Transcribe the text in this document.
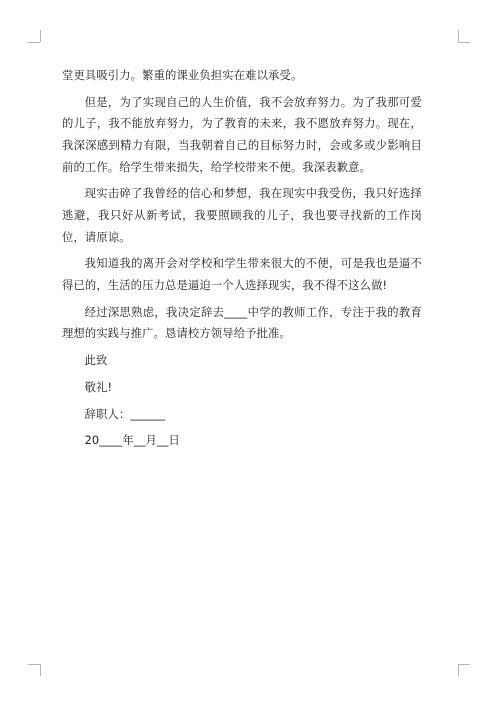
堂更具吸引力。繁重的课业负担实在难以承受。

但是，为了实现自己的人生价值，我不会放弃努力。为了我那可爱的儿子，我不能放弃努力，为了教育的未来，我不愿放弃努力。现在，我深深感到精力有限，当我朝着自己的目标努力时，会或多或少影响目前的工作。给学生带来损失，给学校带来不便。我深表歉意。

现实击碎了我曾经的信心和梦想，我在现实中我受伤，我只好选择逃避，我只好从新考试，我要照顾我的儿子，我也要寻找新的工作岗位，请原谅。

我知道我的离开会对学校和学生带来很大的不便，可是我也是逼不得已的，生活的压力总是逼迫一个人选择现实，我不得不这么做!

经过深思熟虑，我决定辞去____中学的教师工作，专注于我的教育理想的实践与推广。恳请校方领导给予批准。

此致
敬礼!
辞职人：______
20____年__月__日
